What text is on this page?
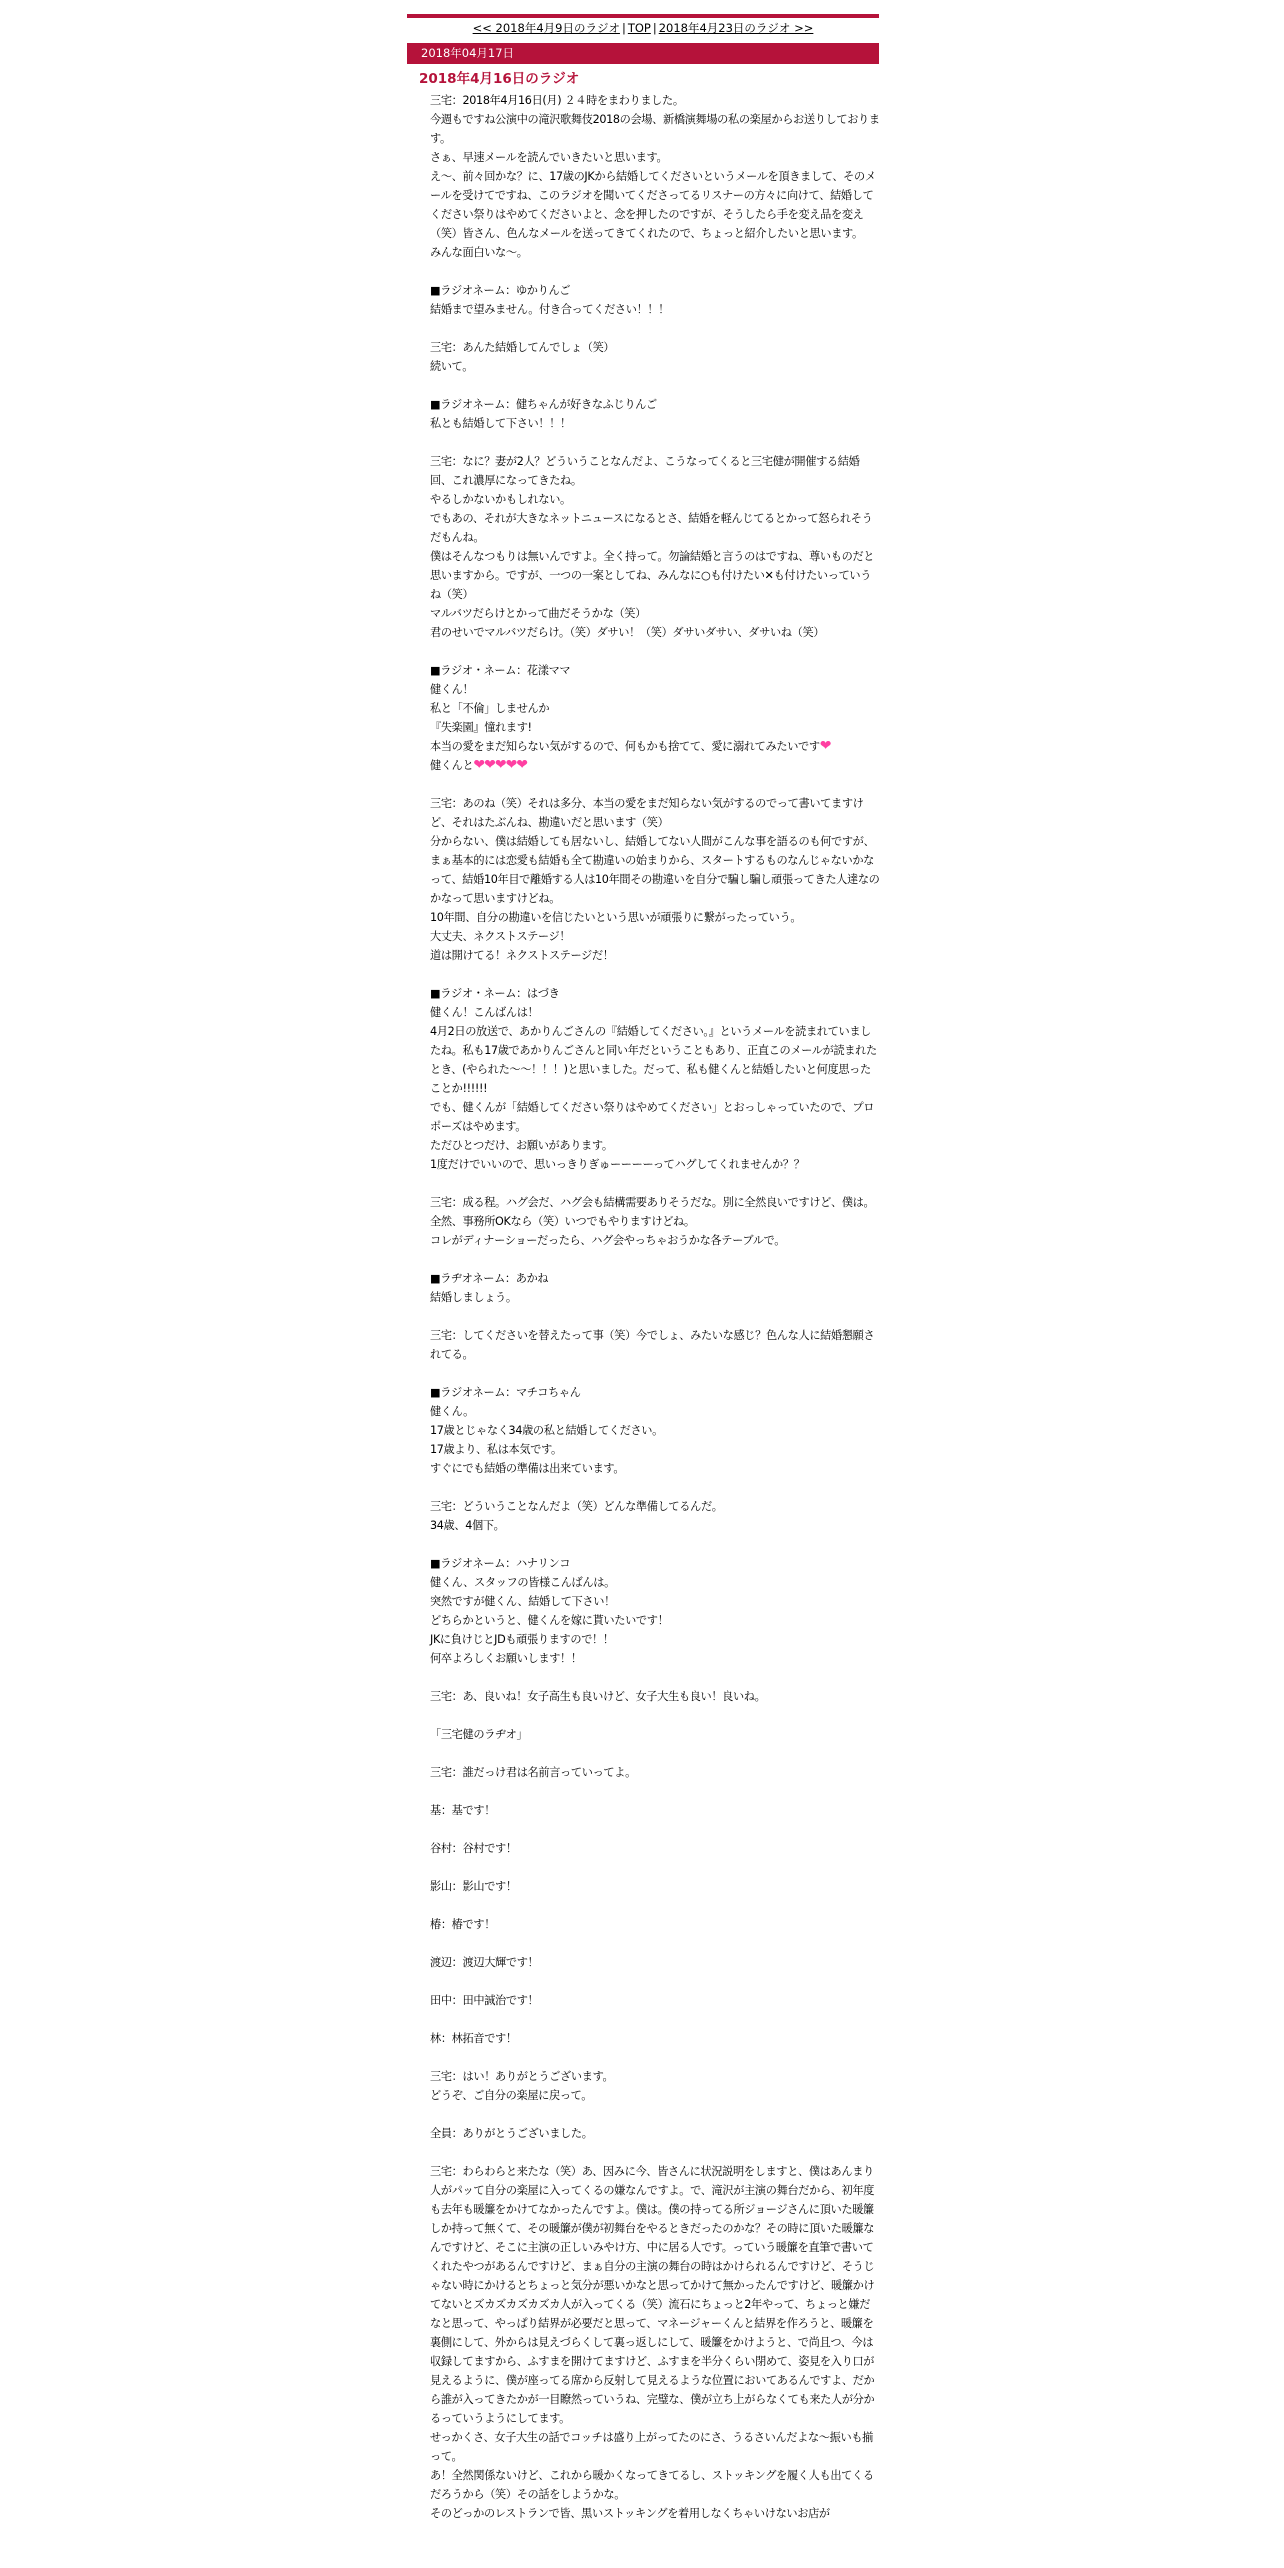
<< 2018年4月9日のラジオ | TOP | 2018年4月23日のラジオ >>
2018年04月17日
2018年4月16日のラジオ

三宅：2018年4月16日(月) ２４時をまわりました。

今週もですね公演中の滝沢歌舞伎2018の会場、新橋演舞場の私の楽屋からお送りしております。

さぁ、早速メールを読んでいきたいと思います。

え～、前々回かな？に、17歳のJKから結婚してくださいというメールを頂きまして、そのメールを受けてですね、このラジオを聞いてくださってるリスナーの方々に向けて、結婚してください祭りはやめてくださいよと、念を押したのですが、そうしたら手を変え品を変え（笑）皆さん、色んなメールを送ってきてくれたので、ちょっと紹介したいと思います。

みんな面白いな～。

■ラジオネーム：ゆかりんご

結婚まで望みません。付き合ってください！！！

三宅：あんた結婚してんでしょ（笑）

続いて。

■ラジオネーム：健ちゃんが好きなふじりんご

私とも結婚して下さい！！！

三宅：なに？妻が2人？どういうことなんだよ、こうなってくると三宅健が開催する結婚回、これ濃厚になってきたね。

やるしかないかもしれない。

でもあの、それが大きなネットニュースになるとさ、結婚を軽んじてるとかって怒られそうだもんね。

僕はそんなつもりは無いんですよ。全く持って。勿論結婚と言うのはですね、尊いものだと思いますから。ですが、一つの一案としてね、みんなに○も付けたい✕も付けたいっていうね（笑）

マルバツだらけとかって曲だそうかな（笑）

君のせいでマルバツだらけ。（笑）ダサい！（笑）ダサいダサい、ダサいね（笑）

■ラジオ・ネーム：花漾ママ

健くん！

私と「不倫」しませんか

『失楽園』憧れます!

本当の愛をまだ知らない気がするので、何もかも捨てて、愛に溺れてみたいです❤

健くんと❤❤❤❤❤

三宅：あのね（笑）それは多分、本当の愛をまだ知らない気がするのでって書いてますけど、それはたぶんね、勘違いだと思います（笑）

分からない、僕は結婚しても居ないし、結婚してない人間がこんな事を語るのも何ですが、まぁ基本的には恋愛も結婚も全て勘違いの始まりから、スタートするものなんじゃないかなって、結婚10年目で離婚する人は10年間その勘違いを自分で騙し騙し頑張ってきた人達なのかなって思いますけどね。

10年間、自分の勘違いを信じたいという思いが頑張りに繋がったっていう。

大丈夫、ネクストステージ！

道は開けてる！ネクストステージだ！

■ラジオ・ネーム：はづき

健くん！こんばんは！

4月2日の放送で、あかりんごさんの『結婚してください。』というメールを読まれていましたね。私も17歳であかりんごさんと同い年だということもあり、正直このメールが読まれたとき、(やられた～～！！！)と思いました。だって、私も健くんと結婚したいと何度思ったことか!!!!!!

でも、健くんが「結婚してください祭りはやめてください」とおっしゃっていたので、プロポーズはやめます。

ただひとつだけ、お願いがあります。

1度だけでいいので、思いっきりぎゅーーーーってハグしてくれませんか？？

三宅：成る程。ハグ会だ、ハグ会も結構需要ありそうだな。別に全然良いですけど、僕は。全然、事務所OKなら（笑）いつでもやりますけどね。

コレがディナーショーだったら、ハグ会やっちゃおうかな各テーブルで。

■ラヂオネーム：あかね

結婚しましょう。

三宅：してくださいを替えたって事（笑）今でしょ、みたいな感じ？色んな人に結婚懇願されてる。

■ラジオネーム：マチコちゃん

健くん。

17歳とじゃなく34歳の私と結婚してください。

17歳より、私は本気です。

すぐにでも結婚の準備は出来ています。

三宅：どういうことなんだよ（笑）どんな準備してるんだ。

34歳、4個下。

■ラジオネーム：ハナリンコ

健くん、スタッフの皆様こんばんは。

突然ですが健くん、結婚して下さい！

どちらかというと、健くんを嫁に貰いたいです！

JKに負けじとJDも頑張りますので！！

何卒よろしくお願いします！！

三宅：あ、良いね！女子高生も良いけど、女子大生も良い！良いね。

「三宅健のラヂオ」

三宅：誰だっけ君は名前言っていってよ。

基：基です！

谷村：谷村です！

影山：影山です！

椿：椿です！

渡辺：渡辺大輝です！

田中：田中誠治です！

林：林拓音です！

三宅：はい！ありがとうございます。

どうぞ、ご自分の楽屋に戻って。

全員：ありがとうございました。

三宅：わらわらと来たな（笑）あ、因みに今、皆さんに状況説明をしますと、僕はあんまり人がパッて自分の楽屋に入ってくるの嫌なんですよ。で、滝沢が主演の舞台だから、初年度も去年も暖簾をかけてなかったんですよ。僕は。僕の持ってる所ジョージさんに頂いた暖簾しか持って無くて、その暖簾が僕が初舞台をやるときだったのかな？その時に頂いた暖簾なんですけど、そこに主演の正しいみやけ方、中に居る人です。っていう暖簾を直筆で書いてくれたやつがあるんですけど、まぁ自分の主演の舞台の時はかけられるんですけど、そうじゃない時にかけるとちょっと気分が悪いかなと思ってかけて無かったんですけど、暖簾かけてないとズカズカズカズカ人が入ってくる（笑）流石にちょっと2年やって、ちょっと嫌だなと思って、やっぱり結界が必要だと思って、マネージャーくんと結界を作ろうと、暖簾を裏側にして、外からは見えづらくして裏っ返しにして、暖簾をかけようと、で尚且つ、今は収録してますから、ふすまを開けてますけど、ふすまを半分くらい閉めて、姿見を入り口が見えるように、僕が座ってる席から反射して見えるような位置においてあるんですよ、だから誰が入ってきたかが一目瞭然っていうね、完璧な、僕が立ち上がらなくても来た人が分かるっていうようにしてます。

せっかくさ、女子大生の話でコッチは盛り上がってたのにさ、うるさいんだよな～振いも揃って。

あ！全然関係ないけど、これから暖かくなってきてるし、ストッキングを履く人も出てくるだろうから（笑）その話をしようかな。

そのどっかのレストランで皆、黒いストッキングを着用しなくちゃいけないお店が
